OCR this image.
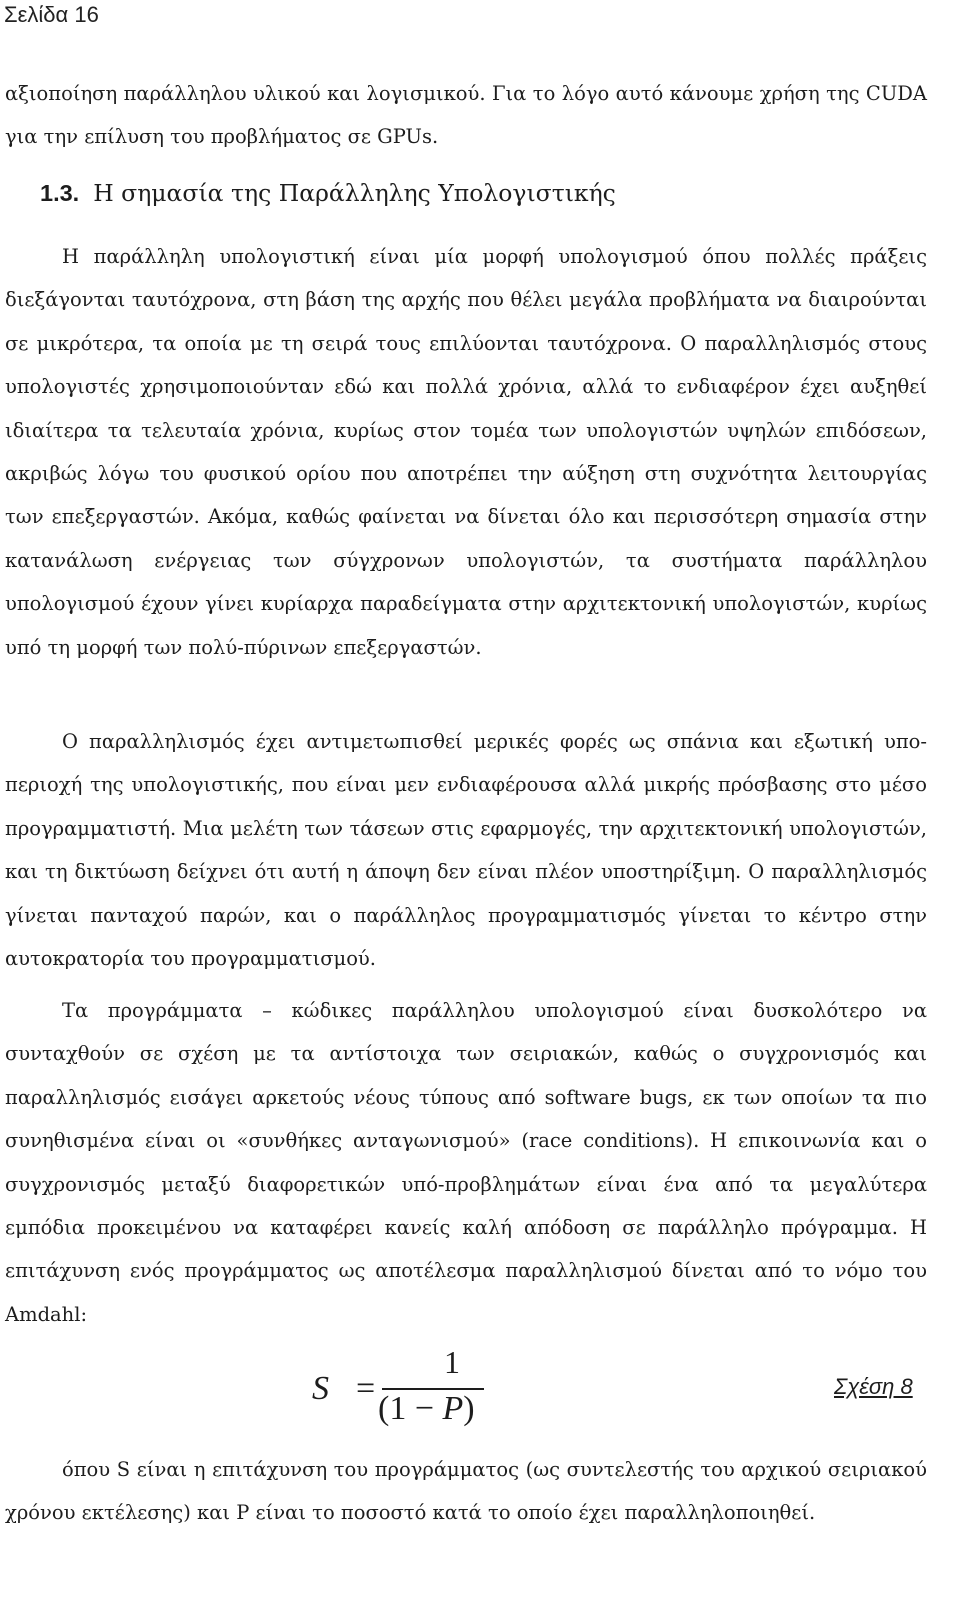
Σελίδα 16

αξιοποίηση παράλληλου υλικού και λογισμικού. Για το λόγο αυτό κάνουμε χρήση της CUDA για την επίλυση του προβλήματος σε GPUs.

1.3. Η σημασία της Παράλληλης Υπολογιστικής

Η παράλληλη υπολογιστική είναι μία μορφή υπολογισμού όπου πολλές πράξεις διεξάγονται ταυτόχρονα, στη βάση της αρχής που θέλει μεγάλα προβλήματα να διαιρούνται σε μικρότερα, τα οποία με τη σειρά τους επιλύονται ταυτόχρονα. Ο παραλληλισμός στους υπολογιστές χρησιμοποιούνταν εδώ και πολλά χρόνια, αλλά το ενδιαφέρον έχει αυξηθεί ιδιαίτερα τα τελευταία χρόνια, κυρίως στον τομέα των υπολογιστών υψηλών επιδόσεων, ακριβώς λόγω του φυσικού ορίου που αποτρέπει την αύξηση στη συχνότητα λειτουργίας των επεξεργαστών. Ακόμα, καθώς φαίνεται να δίνεται όλο και περισσότερη σημασία στην κατανάλωση ενέργειας των σύγχρονων υπολογιστών, τα συστήματα παράλληλου υπολογισμού έχουν γίνει κυρίαρχα παραδείγματα στην αρχιτεκτονική υπολογιστών, κυρίως υπό τη μορφή των πολύ-πύρινων επεξεργαστών.

Ο παραλληλισμός έχει αντιμετωπισθεί μερικές φορές ως σπάνια και εξωτική υπο-περιοχή της υπολογιστικής, που είναι μεν ενδιαφέρουσα αλλά μικρής πρόσβασης στο μέσο προγραμματιστή. Μια μελέτη των τάσεων στις εφαρμογές, την αρχιτεκτονική υπολογιστών, και τη δικτύωση δείχνει ότι αυτή η άποψη δεν είναι πλέον υποστηρίξιμη. Ο παραλληλισμός γίνεται πανταχού παρών, και ο παράλληλος προγραμματισμός γίνεται το κέντρο στην αυτοκρατορία του προγραμματισμού.

Τα προγράμματα – κώδικες παράλληλου υπολογισμού είναι δυσκολότερο να συνταχθούν σε σχέση με τα αντίστοιχα των σειριακών, καθώς ο συγχρονισμός και παραλληλισμός εισάγει αρκετούς νέους τύπους από software bugs, εκ των οποίων τα πιο συνηθισμένα είναι οι «συνθήκες ανταγωνισμού» (race conditions). Η επικοινωνία και ο συγχρονισμός μεταξύ διαφορετικών υπό-προβλημάτων είναι ένα από τα μεγαλύτερα εμπόδια προκειμένου να καταφέρει κανείς καλή απόδοση σε παράλληλο πρόγραμμα. Η επιτάχυνση ενός προγράμματος ως αποτέλεσμα παραλληλισμού δίνεται από το νόμο του Amdahl:

S =
1
(1 − P)
Σχέση 8

όπου S είναι η επιτάχυνση του προγράμματος (ως συντελεστής του αρχικού σειριακού χρόνου εκτέλεσης) και P είναι το ποσοστό κατά το οποίο έχει παραλληλοποιηθεί.
